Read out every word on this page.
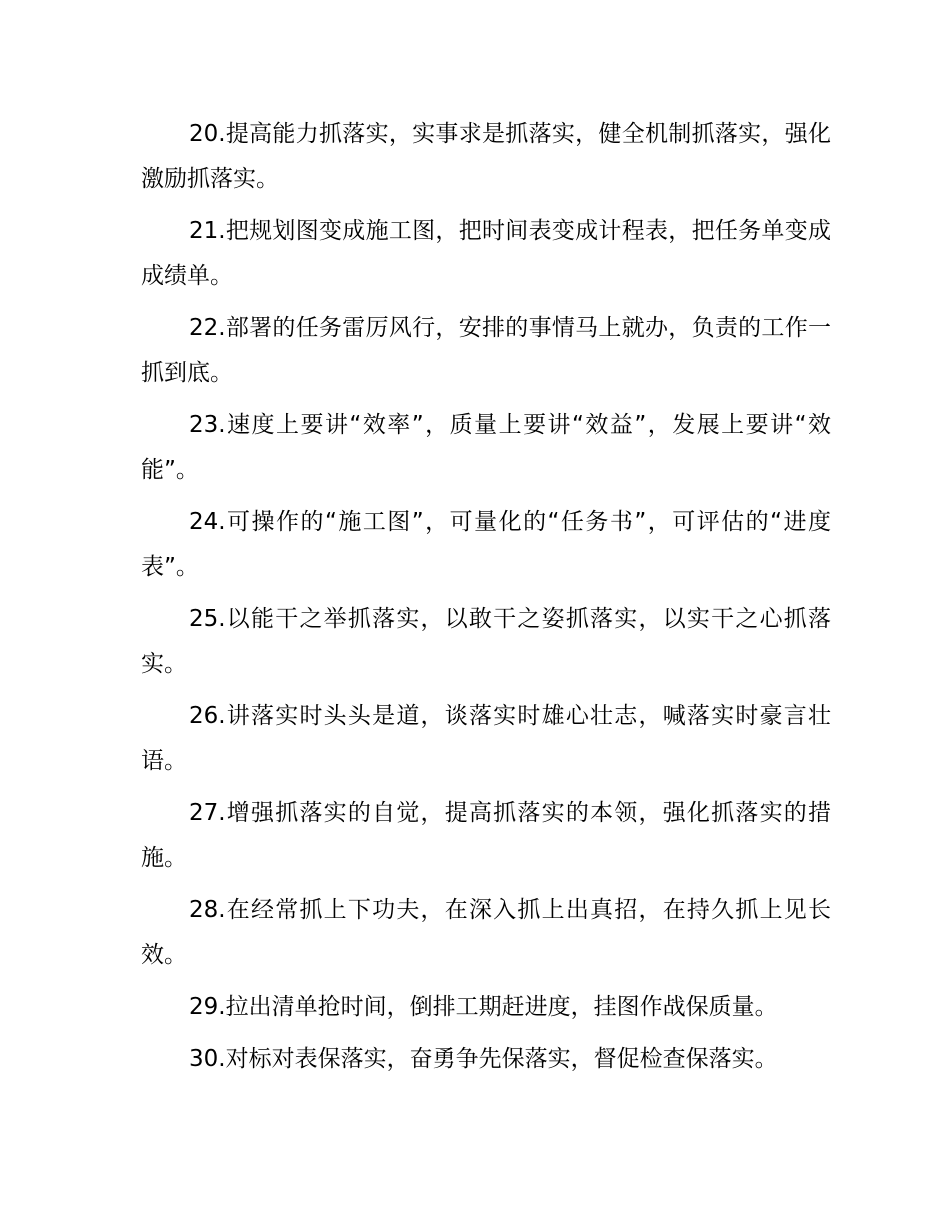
20.提高能力抓落实，实事求是抓落实，健全机制抓落实，强化激励抓落实。

21.把规划图变成施工图，把时间表变成计程表，把任务单变成成绩单。

22.部署的任务雷厉风行，安排的事情马上就办，负责的工作一抓到底。

23.速度上要讲“效率”，质量上要讲“效益”，发展上要讲“效能”。

24.可操作的“施工图”，可量化的“任务书”，可评估的“进度表”。

25.以能干之举抓落实，以敢干之姿抓落实，以实干之心抓落实。

26.讲落实时头头是道，谈落实时雄心壮志，喊落实时豪言壮语。

27.增强抓落实的自觉，提高抓落实的本领，强化抓落实的措施。

28.在经常抓上下功夫，在深入抓上出真招，在持久抓上见长效。

29.拉出清单抢时间，倒排工期赶进度，挂图作战保质量。

30.对标对表保落实，奋勇争先保落实，督促检查保落实。
